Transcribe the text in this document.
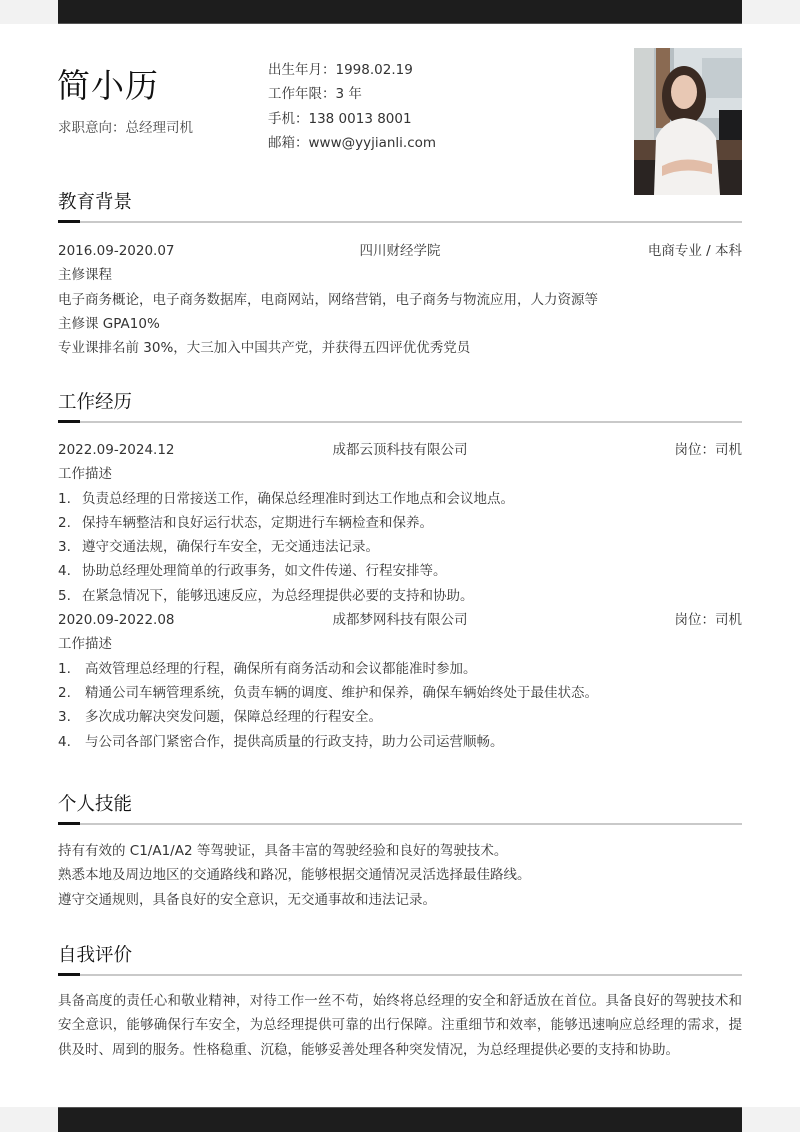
简小历
求职意向：总经理司机
出生年月：1998.02.19
工作年限：3 年
手机：138 0013 8001
邮箱：www@yyjianli.com
教育背景
2016.09-2020.07	四川财经学院	电商专业 / 本科
主修课程
电子商务概论，电子商务数据库，电商网站，网络营销，电子商务与物流应用，人力资源等
主修课 GPA10%
专业课排名前 30%，大三加入中国共产党，并获得五四评优优秀党员
工作经历
2022.09-2024.12	成都云顶科技有限公司	岗位：司机
工作描述
1. 负责总经理的日常接送工作，确保总经理准时到达工作地点和会议地点。
2. 保持车辆整洁和良好运行状态，定期进行车辆检查和保养。
3. 遵守交通法规，确保行车安全，无交通违法记录。
4. 协助总经理处理简单的行政事务，如文件传递、行程安排等。
5. 在紧急情况下，能够迅速反应，为总经理提供必要的支持和协助。
2020.09-2022.08	成都梦网科技有限公司	岗位：司机
工作描述
1.	高效管理总经理的行程，确保所有商务活动和会议都能准时参加。
2.	精通公司车辆管理系统，负责车辆的调度、维护和保养，确保车辆始终处于最佳状态。
3.	多次成功解决突发问题，保障总经理的行程安全。
4.	与公司各部门紧密合作，提供高质量的行政支持，助力公司运营顺畅。
个人技能
持有有效的 C1/A1/A2 等驾驶证，具备丰富的驾驶经验和良好的驾驶技术。
熟悉本地及周边地区的交通路线和路况，能够根据交通情况灵活选择最佳路线。
遵守交通规则，具备良好的安全意识，无交通事故和违法记录。
自我评价
具备高度的责任心和敬业精神，对待工作一丝不苟，始终将总经理的安全和舒适放在首位。具备良好的驾驶技术和安全意识，能够确保行车安全，为总经理提供可靠的出行保障。注重细节和效率，能够迅速响应总经理的需求，提供及时、周到的服务。性格稳重、沉稳，能够妥善处理各种突发情况，为总经理提供必要的支持和协助。
